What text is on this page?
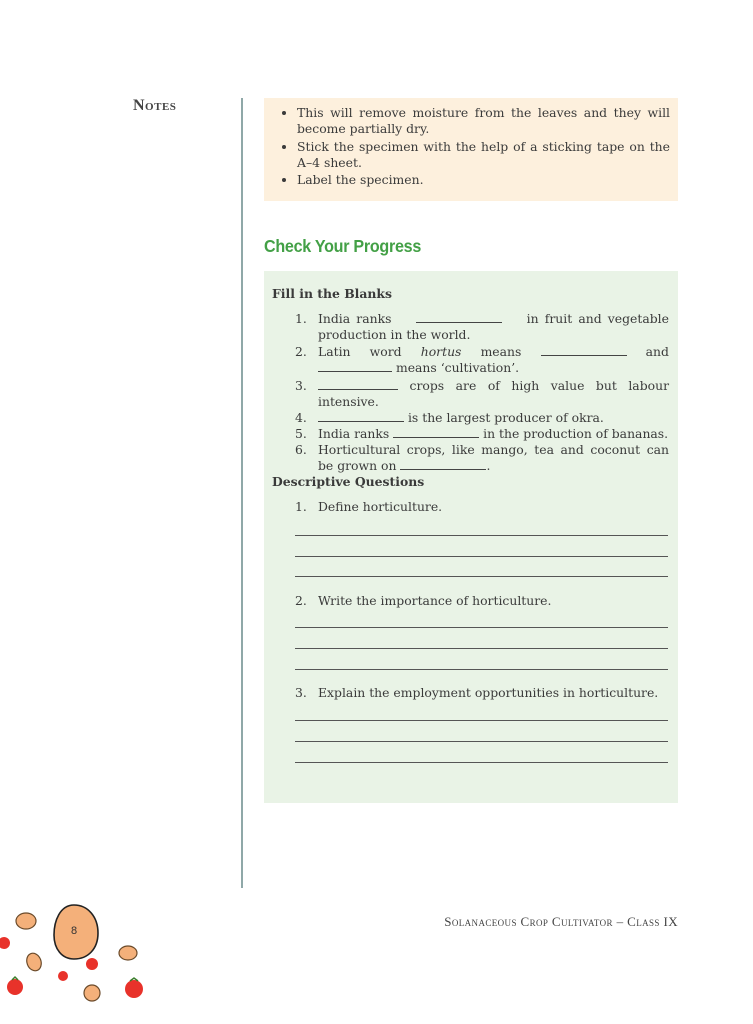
Notes
•	This will remove moisture from the leaves and they will become partially dry.
• Stick the specimen with the help of a sticking tape on the A–4 sheet.
• Label the specimen.
Check Your Progress
Fill in the Blanks
1. India ranks	in fruit and vegetable production in the world.
2. Latin word hortus means	and  means ‘cultivation’.
3.	crops are of high value but labour intensive.
4.	is the largest producer of okra.
5. India ranks	in the production of bananas.
6. Horticultural crops, like mango, tea and coconut can be grown on	.
Descriptive Questions
1. Define horticulture.
2. Write the importance of horticulture.
3. Explain the employment opportunities in horticulture.
8
Solanaceous Crop Cultivator – Class IX
